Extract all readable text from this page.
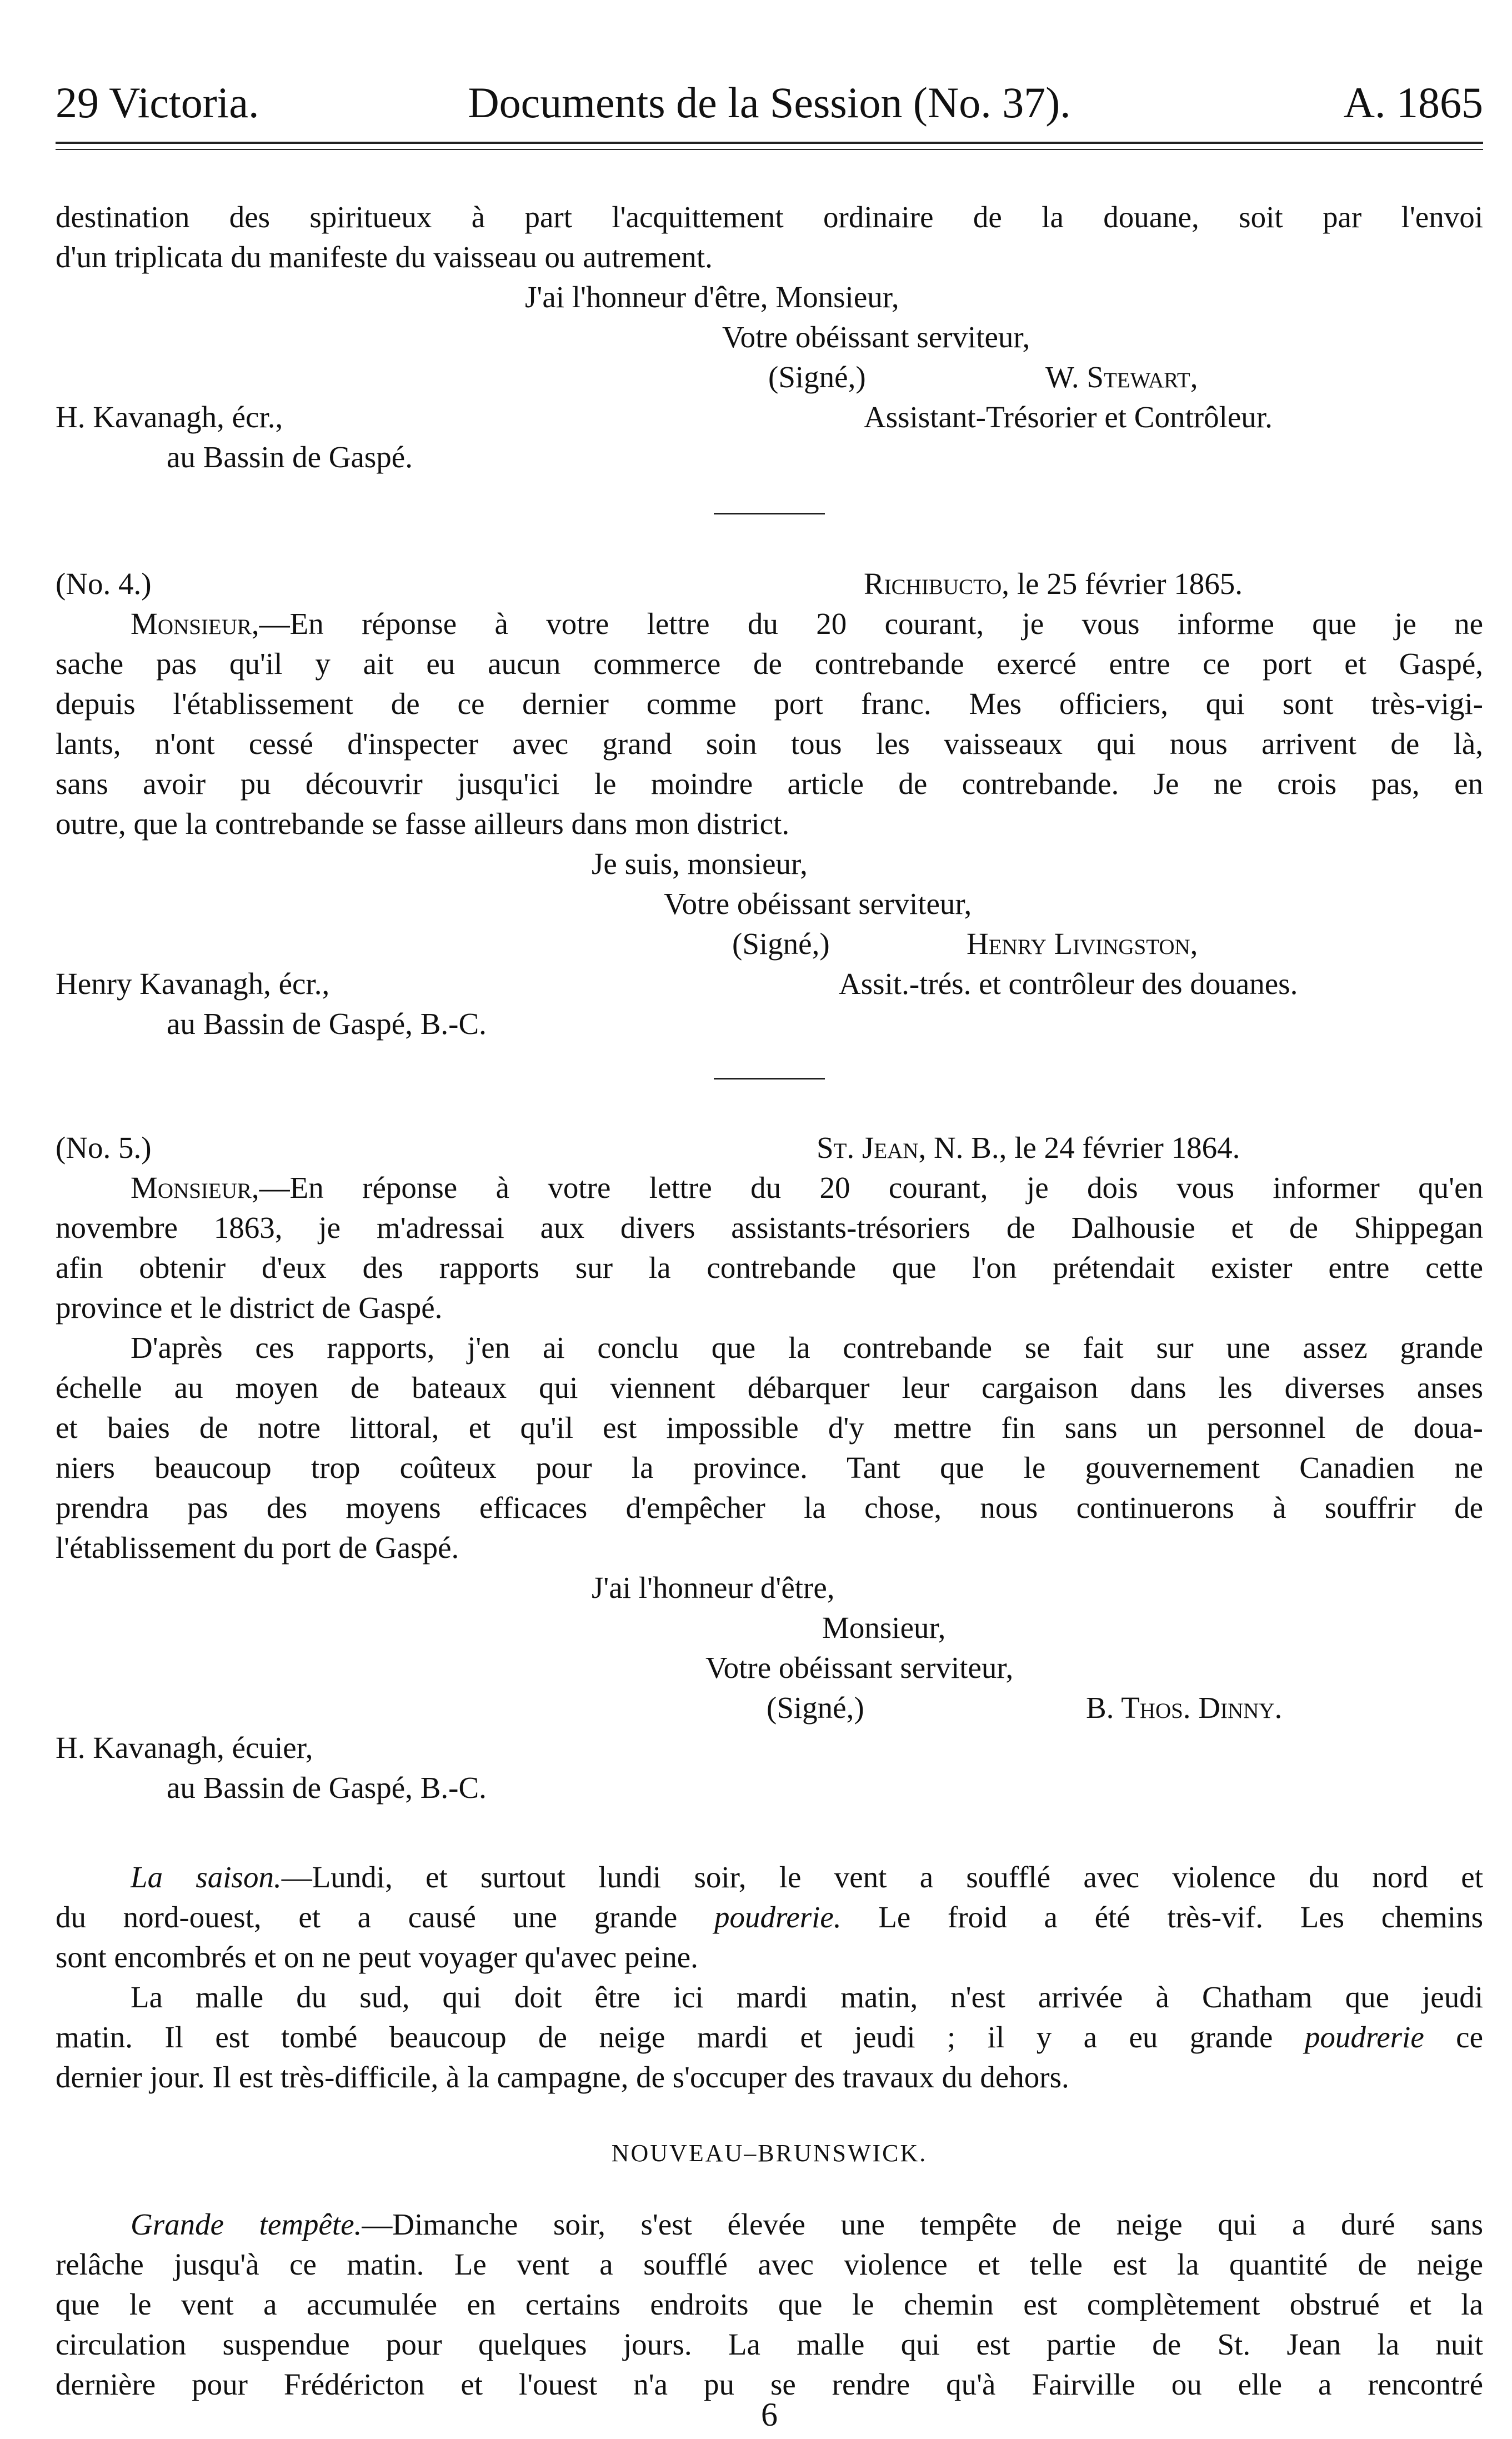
29 Victoria.	Documents de la Session (No. 37).	A. 1865
destination des spiritueux à part l'acquittement ordinaire de la douane, soit par l'envoi
d'un triplicata du manifeste du vaisseau ou autrement.
J'ai l'honneur d'être, Monsieur,
Votre obéissant serviteur,
(Signé,)	W. Stewart,
H. Kavanagh, écr.,	Assistant-Trésorier et Contrôleur.
au Bassin de Gaspé.
(No. 4.)	Richibucto, le 25 février 1865.
Monsieur,—En réponse à votre lettre du 20 courant, je vous informe que je ne
sache pas qu'il y ait eu aucun commerce de contrebande exercé entre ce port et Gaspé,
depuis l'établissement de ce dernier comme port franc. Mes officiers, qui sont très-vigi-
lants, n'ont cessé d'inspecter avec grand soin tous les vaisseaux qui nous arrivent de là,
sans avoir pu découvrir jusqu'ici le moindre article de contrebande. Je ne crois pas, en
outre, que la contrebande se fasse ailleurs dans mon district.
Je suis, monsieur,
Votre obéissant serviteur,
(Signé,)	Henry Livingston,
Henry Kavanagh, écr.,	Assit.-trés. et contrôleur des douanes.
au Bassin de Gaspé, B.-C.
(No. 5.)	St. Jean, N. B., le 24 février 1864.
Monsieur,—En réponse à votre lettre du 20 courant, je dois vous informer qu'en
novembre 1863, je m'adressai aux divers assistants-trésoriers de Dalhousie et de Shippegan
afin obtenir d'eux des rapports sur la contrebande que l'on prétendait exister entre cette
province et le district de Gaspé.
D'après ces rapports, j'en ai conclu que la contrebande se fait sur une assez grande
échelle au moyen de bateaux qui viennent débarquer leur cargaison dans les diverses anses
et baies de notre littoral, et qu'il est impossible d'y mettre fin sans un personnel de doua-
niers beaucoup trop coûteux pour la province. Tant que le gouvernement Canadien ne
prendra pas des moyens efficaces d'empêcher la chose, nous continuerons à souffrir de
l'établissement du port de Gaspé.
J'ai l'honneur d'être,
Monsieur,
Votre obéissant serviteur,
(Signé,)	B. Thos. Dinny.
H. Kavanagh, écuier,
au Bassin de Gaspé, B.-C.
La saison.—Lundi, et surtout lundi soir, le vent a soufflé avec violence du nord et
du nord-ouest, et a causé une grande poudrerie. Le froid a été très-vif. Les chemins
sont encombrés et on ne peut voyager qu'avec peine.
La malle du sud, qui doit être ici mardi matin, n'est arrivée à Chatham que jeudi
matin. Il est tombé beaucoup de neige mardi et jeudi ; il y a eu grande poudrerie ce
dernier jour. Il est très-difficile, à la campagne, de s'occuper des travaux du dehors.
NOUVEAU–BRUNSWICK.
Grande tempête.—Dimanche soir, s'est élevée une tempête de neige qui a duré sans
relâche jusqu'à ce matin. Le vent a soufflé avec violence et telle est la quantité de neige
que le vent a accumulée en certains endroits que le chemin est complètement obstrué et la
circulation suspendue pour quelques jours. La malle qui est partie de St. Jean la nuit
dernière pour Frédéricton et l'ouest n'a pu se rendre qu'à Fairville ou elle a rencontré
6
